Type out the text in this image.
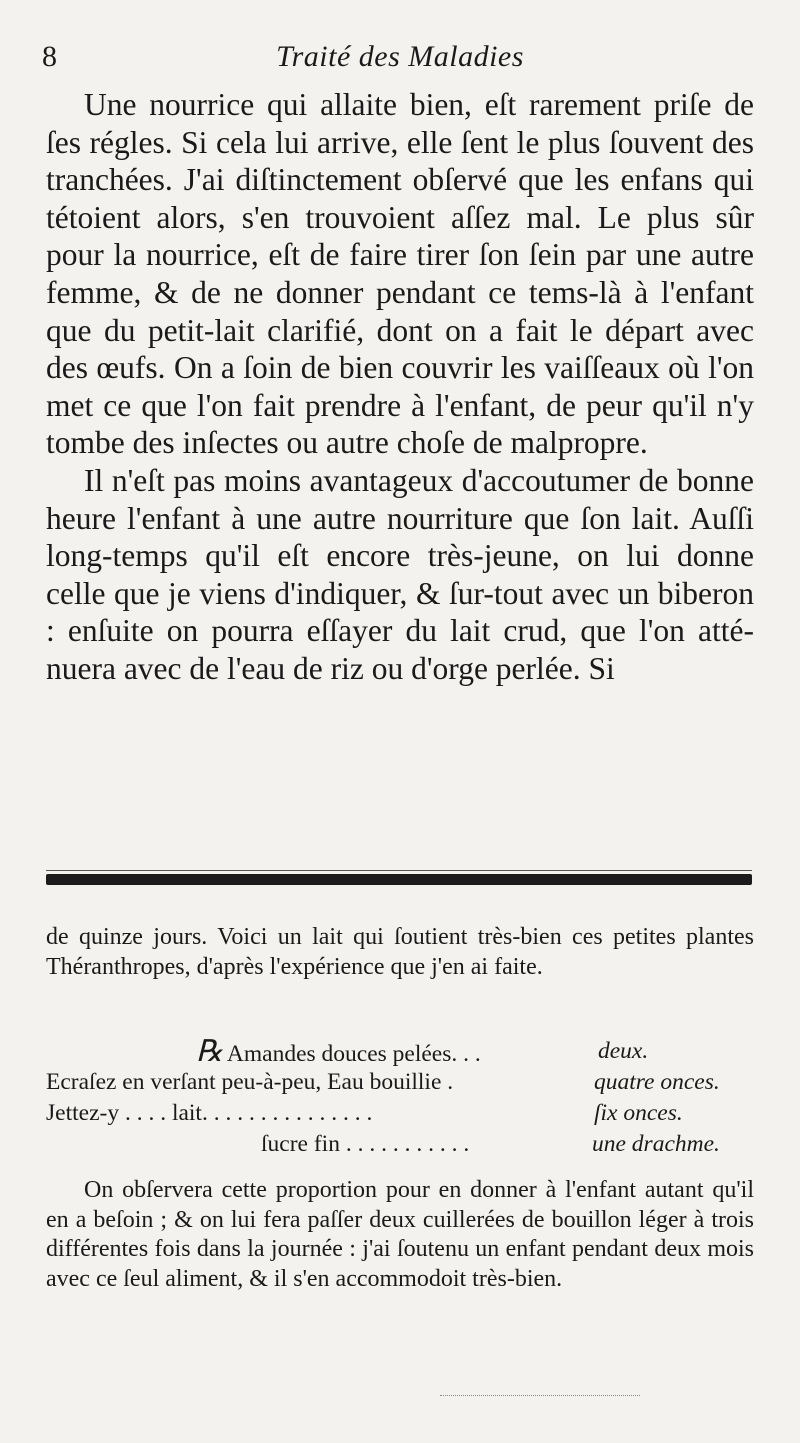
8	Traité des Maladies

Une nourrice qui allaite bien, eſt rarement priſe de ſes régles. Si cela lui arrive, elle ſent le plus ſouvent des tranchées. J'ai diſtinctement obſervé que les enfans qui tétoient alors, s'en trouvoient aſſez mal. Le plus sûr pour la nourrice, eſt de faire tirer ſon ſein par une autre femme, & de ne donner pendant ce tems-là à l'enfant que du petit-lait clarifié, dont on a fait le départ avec des œufs. On a ſoin de bien couvrir les vaiſſeaux où l'on met ce que l'on fait prendre à l'enfant, de peur qu'il n'y tombe des inſectes ou autre choſe de malpropre.

Il n'eſt pas moins avantageux d'accoutumer de bonne heure l'enfant à une autre nourriture que ſon lait. Auſſi long-temps qu'il eſt encore très-jeune, on lui donne celle que je viens d'indiquer, & ſur-tout avec un biberon : enſuite on pourra eſſayer du lait crud, que l'on atténuera avec de l'eau de riz ou d'orge perlée. Si

de quinze jours. Voici un lait qui ſoutient très-bien ces petites plantes Théranthropes, d'après l'expérience que j'en ai faite.

℞ Amandes douces pelées. . .	deux.
Ecraſez en verſant peu-à-peu, Eau bouillie .	quatre onces.
Jettez-y . . . . lait. . . . . . . . . . . . . . .	ſix onces.
ſucre fin . . . . . . . . . . .	une drachme.

On obſervera cette proportion pour en donner à l'enfant autant qu'il en a beſoin ; & on lui fera paſſer deux cuillerées de bouillon léger à trois différentes fois dans la journée : j'ai ſoutenu un enfant pendant deux mois avec ce ſeul aliment, & il s'en accommodoit très-bien.
